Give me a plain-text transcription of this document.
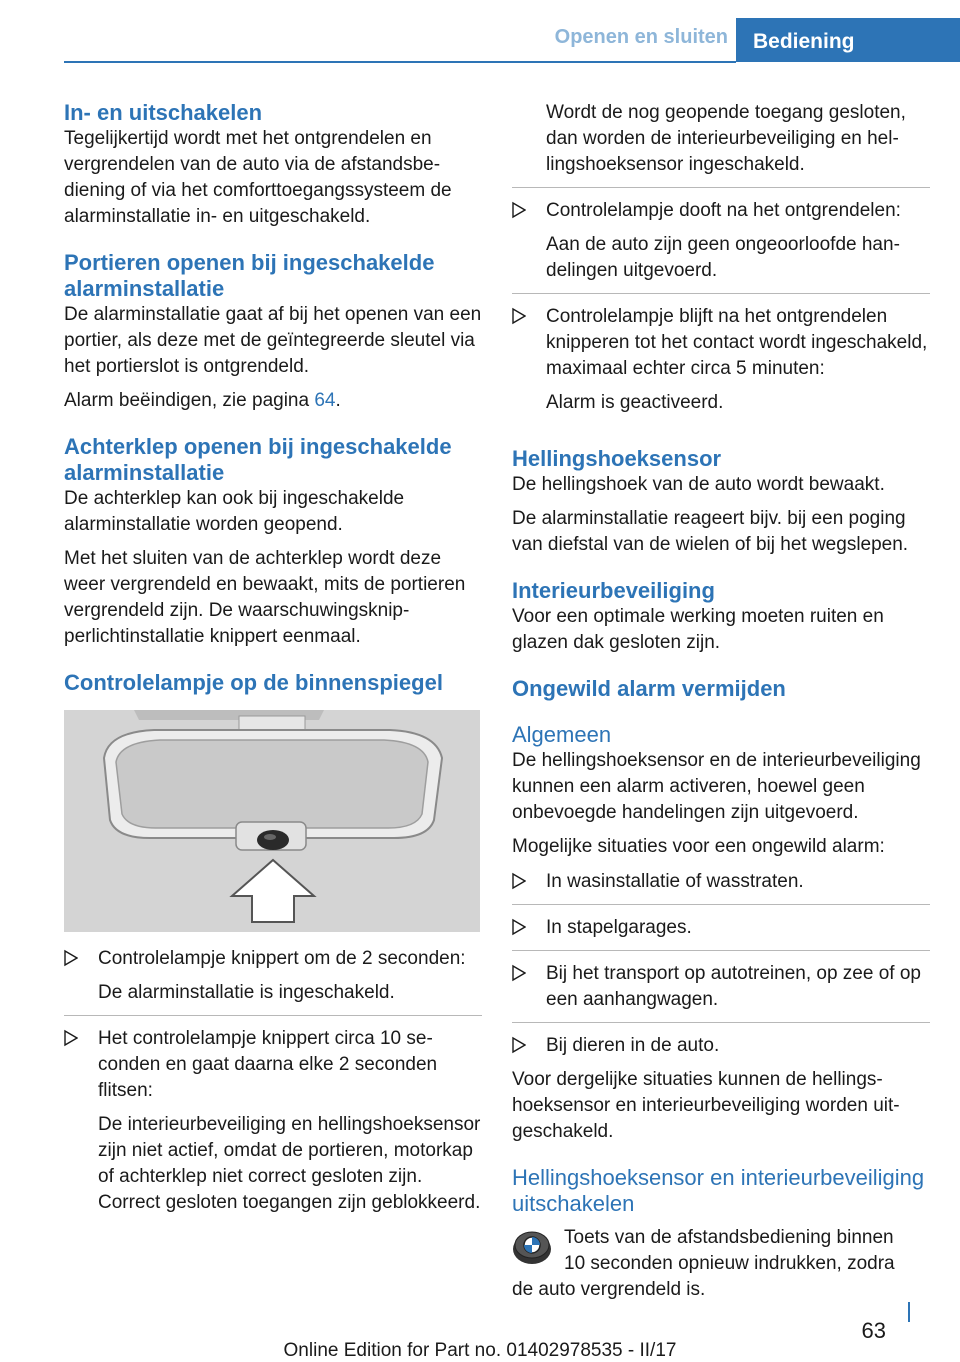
Openen en sluiten	Bediening
In- en uitschakelen

Tegelijkertijd wordt met het ontgrendelen en vergrendelen van de auto via de afstandsbediening of via het comforttoegangssysteem de alarminstallatie in- en uitgeschakeld.

Portieren openen bij ingeschakelde alarminstallatie

De alarminstallatie gaat af bij het openen van een portier, als deze met de geïntegreerde sleutel via het portierslot is ontgrendeld.

Alarm beëindigen, zie pagina 64.

Achterklep openen bij ingeschakelde alarminstallatie

De achterklep kan ook bij ingeschakelde alarminstallatie worden geopend.

Met het sluiten van de achterklep wordt deze weer vergrendeld en bewaakt, mits de portieren vergrendeld zijn. De waarschuwingsknipperlichtinstallatie knippert eenmaal.

Controlelampje op de binnenspiegel
Controlelampje knippert om de 2 seconden:
De alarminstallatie is ingeschakeld.
Het controlelampje knippert circa 10 seconden en gaat daarna elke 2 seconden flitsen:
De interieurbeveiliging en hellingshoeksensor zijn niet actief, omdat de portieren, motorkap of achterklep niet correct gesloten zijn. Correct gesloten toegangen zijn geblokkeerd.
Wordt de nog geopende toegang gesloten, dan worden de interieurbeveiliging en hellingshoeksensor ingeschakeld.
Controlelampje dooft na het ontgrendelen:
Aan de auto zijn geen ongeoorloofde handelingen uitgevoerd.
Controlelampje blijft na het ontgrendelen knipperen tot het contact wordt ingeschakeld, maximaal echter circa 5 minuten:
Alarm is geactiveerd.
Hellingshoeksensor

De hellingshoek van de auto wordt bewaakt.

De alarminstallatie reageert bijv. bij een poging van diefstal van de wielen of bij het wegslepen.

Interieurbeveiliging

Voor een optimale werking moeten ruiten en glazen dak gesloten zijn.

Ongewild alarm vermijden
Algemeen

De hellingshoeksensor en de interieurbeveiliging kunnen een alarm activeren, hoewel geen onbevoegde handelingen zijn uitgevoerd.

Mogelijke situaties voor een ongewild alarm:

In wasinstallatie of wasstraten.
In stapelgarages.
Bij het transport op autotreinen, op zee of op een aanhangwagen.
Bij dieren in de auto.

Voor dergelijke situaties kunnen de hellingshoeksensor en interieurbeveiliging worden uitgeschakeld.

Hellingshoeksensor en interieurbeveiliging uitschakelen

Toets van de afstandsbediening binnen

10 seconden opnieuw indrukken, zodra

de auto vergrendeld is.

63
Online Edition for Part no. 01402978535 - II/17
